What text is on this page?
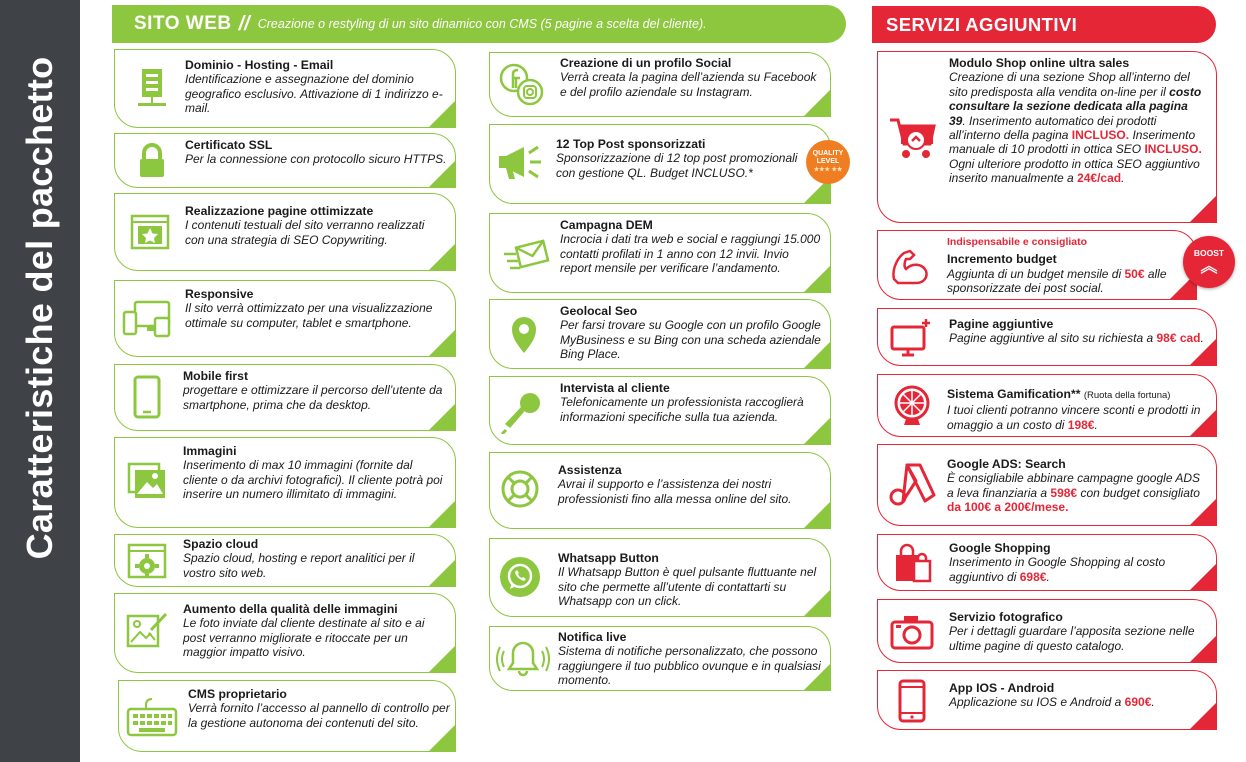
Caratteristiche del pacchetto
SITO WEB // Creazione o restyling di un sito dinamico con CMS (5 pagine a scelta del cliente).	SERVIZI AGGIUNTIVI
Dominio - Hosting - Email
Identificazione e assegnazione del dominio geografico esclusivo. Attivazione di 1 indirizzo e-mail.
Certificato SSL
Per la connessione con protocollo sicuro HTTPS.
Realizzazione pagine ottimizzate
I contenuti testuali del sito verranno realizzati con una strategia di SEO Copywriting.
Responsive
Il sito verrà ottimizzato per una visualizzazione ottimale su computer, tablet e smartphone.
Mobile first
progettare e ottimizzare il percorso dell’utente da smartphone, prima che da desktop.
Immagini
Inserimento di max 10 immagini (fornite dal cliente o da archivi fotografici). Il cliente potrà poi inserire un numero illimitato di immagini.
Spazio cloud
Spazio cloud, hosting e report analitici per il vostro sito web.
Aumento della qualità delle immagini
Le foto inviate dal cliente destinate al sito e ai post verranno migliorate e ritoccate per un maggior impatto visivo.
CMS proprietario
Verrà fornito l’accesso al pannello di controllo per la gestione autonoma dei contenuti del sito.
Creazione di un profilo Social
Verrà creata la pagina dell’azienda su Facebook e del profilo aziendale su Instagram.
12 Top Post sponsorizzati
Sponsorizzazione di 12 top post promozionali con gestione QL. Budget INCLUSO.*
QUALITY
LEVEL
★★★ ★★
Campagna DEM
Incrocia i dati tra web e social e raggiungi 15.000 contatti profilati in 1 anno con 12 invii. Invio report mensile per verificare l’andamento.
Geolocal Seo
Per farsi trovare su Google con un profilo Google MyBusiness e su Bing con una scheda aziendale Bing Place.
Intervista al cliente
Telefonicamente un professionista raccoglierà informazioni specifiche sulla tua azienda.
Assistenza
Avrai il supporto e l’assistenza dei nostri professionisti fino alla messa online del sito.
Whatsapp Button
Il Whatsapp Button è quel pulsante fluttuante nel sito che permette all’utente di contattarti su Whatsapp con un click.
Notifica live
Sistema di notifiche personalizzato, che possono raggiungere il tuo pubblico ovunque e in qualsiasi momento.
Modulo Shop online ultra sales
Creazione di una sezione Shop all’interno del sito predisposta alla vendita on-line per il costo consultare la sezione dedicata alla pagina 39. Inserimento automatico dei prodotti all’interno della pagina INCLUSO. Inserimento manuale di 10 prodotti in ottica SEO INCLUSO. Ogni ulteriore prodotto in ottica SEO aggiuntivo inserito manualmente a 24€/cad.
Indispensabile e consigliato
Incremento budget
Aggiunta di un budget mensile di 50€ alle sponsorizzate dei post social.
BOOST
︽
Pagine aggiuntive
Pagine aggiuntive al sito su richiesta a 98€ cad.
Sistema Gamification** (Ruota della fortuna)
I tuoi clienti potranno vincere sconti e prodotti in omaggio a un costo di 198€.
Google ADS: Search
È consigliabile abbinare campagne google ADS a leva finanziaria a 598€ con budget consigliato da 100€ a 200€/mese.
Google Shopping
Inserimento in Google Shopping al costo aggiuntivo di 698€.
Servizio fotografico
Per i dettagli guardare l’apposita sezione nelle ultime pagine di questo catalogo.
App IOS - Android
Applicazione su IOS e Android a 690€.
